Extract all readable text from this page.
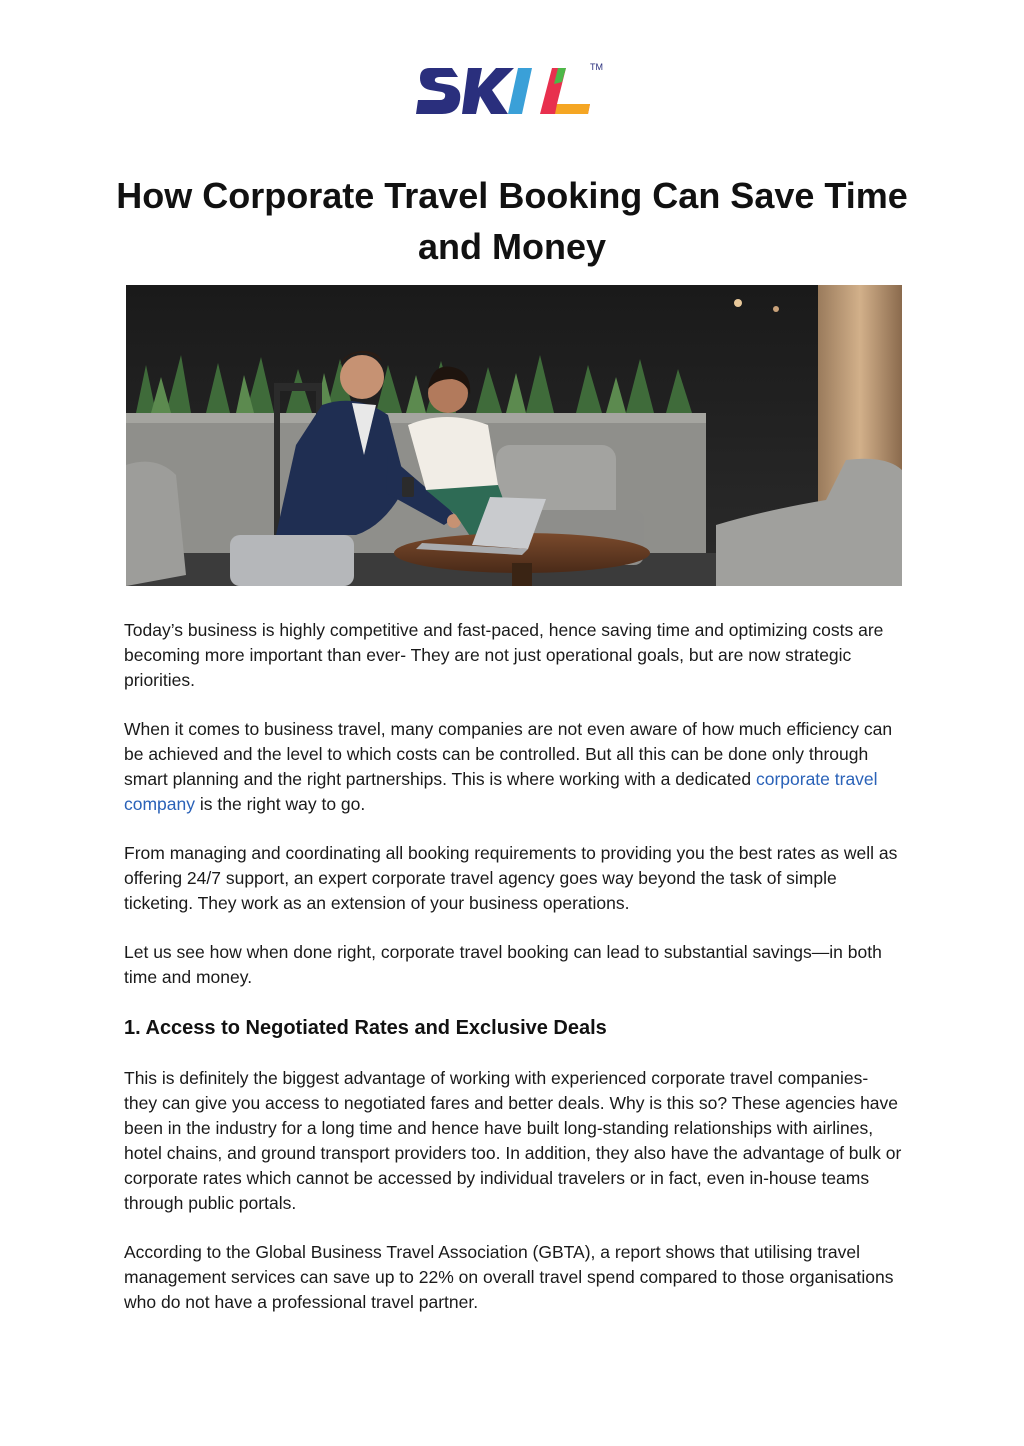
TM
How Corporate Travel Booking Can Save Time and Money

Today’s business is highly competitive and fast-paced, hence saving time and optimizing costs are becoming more important than ever- They are not just operational goals, but are now strategic priorities.

When it comes to business travel, many companies are not even aware of how much efficiency can be achieved and the level to which costs can be controlled. But all this can be done only through smart planning and the right partnerships. This is where working with a dedicated corporate travel company is the right way to go.

From managing and coordinating all booking requirements to providing you the best rates as well as offering 24/7 support, an expert corporate travel agency goes way beyond the task of simple ticketing. They work as an extension of your business operations.

Let us see how when done right, corporate travel booking can lead to substantial savings—in both time and money.

1. Access to Negotiated Rates and Exclusive Deals

This is definitely the biggest advantage of working with experienced corporate travel companies- they can give you access to negotiated fares and better deals. Why is this so? These agencies have been in the industry for a long time and hence have built long-standing relationships with airlines, hotel chains, and ground transport providers too. In addition, they also have the advantage of bulk or corporate rates which cannot be accessed by individual travelers or in fact, even in-house teams through public portals.

According to the Global Business Travel Association (GBTA), a report shows that utilising travel management services can save up to 22% on overall travel spend compared to those organisations who do not have a professional travel partner.
